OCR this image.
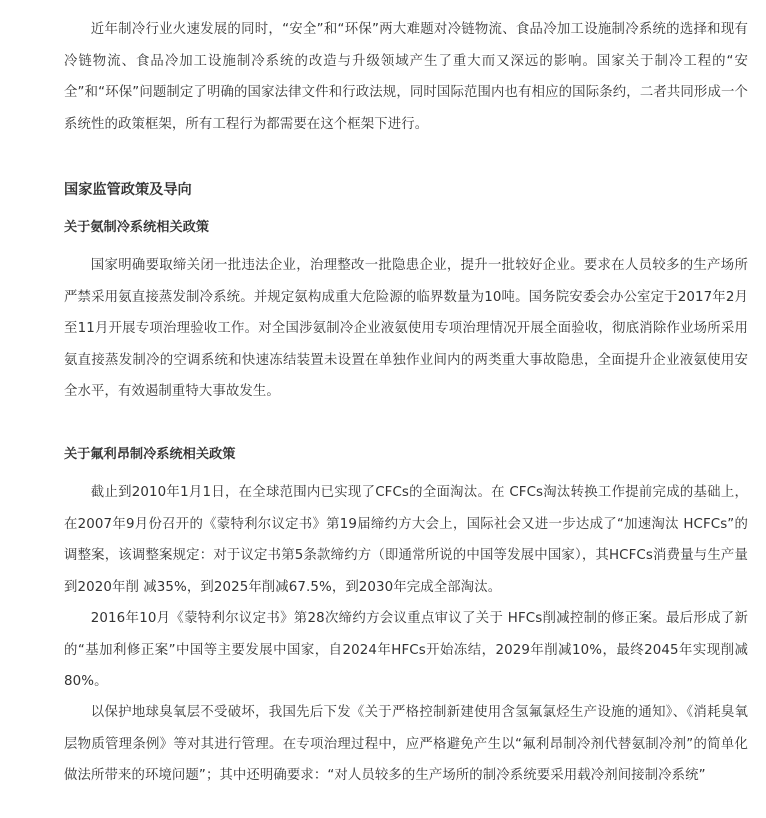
近年制冷行业火速发展的同时，“安全”和“环保”两大难题对冷链物流、食品冷加工设施制冷系统的选择和现有冷链物流、食品冷加工设施制冷系统的改造与升级领域产生了重大而又深远的影响。国家关于制冷工程的“安全”和“环保”问题制定了明确的国家法律文件和行政法规，同时国际范围内也有相应的国际条约，二者共同形成一个系统性的政策框架，所有工程行为都需要在这个框架下进行。

国家监管政策及导向
关于氨制冷系统相关政策

国家明确要取缔关闭一批违法企业，治理整改一批隐患企业，提升一批较好企业。要求在人员较多的生产场所严禁采用氨直接蒸发制冷系统。并规定氨构成重大危险源的临界数量为10吨。国务院安委会办公室定于2017年2月至11月开展专项治理验收工作。对全国涉氨制冷企业液氨使用专项治理情况开展全面验收，彻底消除作业场所采用氨直接蒸发制冷的空调系统和快速冻结装置未设置在单独作业间内的两类重大事故隐患，全面提升企业液氨使用安全水平，有效遏制重特大事故发生。

关于氟利昂制冷系统相关政策

截止到2010年1月1日，在全球范围内已实现了CFCs的全面淘汰。在 CFCs淘汰转换工作提前完成的基础上，在2007年9月份召开的《蒙特利尔议定书》第19届缔约方大会上，国际社会又进一步达成了“加速淘汰 HCFCs”的调整案，该调整案规定：对于议定书第5条款缔约方（即通常所说的中国等发展中国家），其HCFCs消费量与生产量到2020年削 减35%，到2025年削减67.5%，到2030年完成全部淘汰。

2016年10月《蒙特利尔议定书》第28次缔约方会议重点审议了关于 HFCs削减控制的修正案。最后形成了新的“基加利修正案”中国等主要发展中国家，自2024年HFCs开始冻结，2029年削减10%，最终2045年实现削减80%。

以保护地球臭氧层不受破坏，我国先后下发《关于严格控制新建使用含氢氟氯烃生产设施的通知》、《消耗臭氧层物质管理条例》等对其进行管理。在专项治理过程中，应严格避免产生以“氟利昂制冷剂代替氨制冷剂”的简单化做法所带来的环境问题”；其中还明确要求：“对人员较多的生产场所的制冷系统要采用载冷剂间接制冷系统”
